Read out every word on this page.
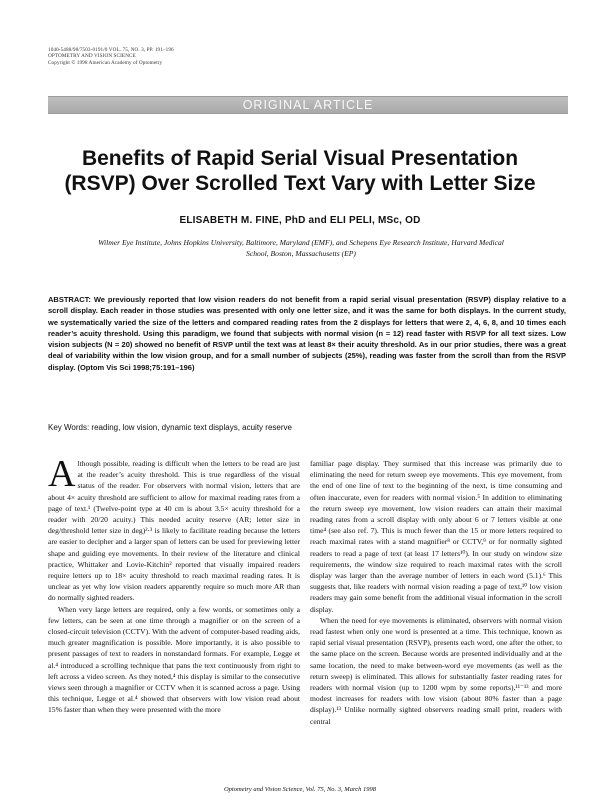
1040-5488/98/7503-0191/0 VOL. 75, NO. 3, PP. 191–196
OPTOMETRY AND VISION SCIENCE
Copyright © 1998 American Academy of Optometry
ORIGINAL ARTICLE
Benefits of Rapid Serial Visual Presentation
(RSVP) Over Scrolled Text Vary with Letter Size
ELISABETH M. FINE, PhD and ELI PELI, MSc, OD
Wilmer Eye Institute, Johns Hopkins University, Baltimore, Maryland (EMF), and Schepens Eye Research Institute, Harvard Medical
School, Boston, Massachusetts (EP)
ABSTRACT: We previously reported that low vision readers do not benefit from a rapid serial visual presentation (RSVP) display relative to a scroll display. Each reader in those studies was presented with only one letter size, and it was the same for both displays. In the current study, we systematically varied the size of the letters and compared reading rates from the 2 displays for letters that were 2, 4, 6, 8, and 10 times each reader’s acuity threshold. Using this paradigm, we found that subjects with normal vision (n = 12) read faster with RSVP for all text sizes. Low vision subjects (N = 20) showed no benefit of RSVP until the text was at least 8× their acuity threshold. As in our prior studies, there was a great deal of variability within the low vision group, and for a small number of subjects (25%), reading was faster from the scroll than from the RSVP display. (Optom Vis Sci 1998;75:191–196)
Key Words: reading, low vision, dynamic text displays, acuity reserve

Although possible, reading is difficult when the letters to be read are just at the reader’s acuity threshold. This is true regardless of the visual status of the reader. For observers with normal vision, letters that are about 4× acuity threshold are sufficient to allow for maximal reading rates from a page of text.¹ (Twelve-point type at 40 cm is about 3.5× acuity threshold for a reader with 20/20 acuity.) This needed acuity reserve (AR; letter size in deg/threshold letter size in deg)²·³ is likely to facilitate reading because the letters are easier to decipher and a larger span of letters can be used for previewing letter shape and guiding eye movements. In their review of the literature and clinical practice, Whittaker and Lovie-Kitchin² reported that visually impaired readers require letters up to 18× acuity threshold to reach maximal reading rates. It is unclear as yet why low vision readers apparently require so much more AR than do normally sighted readers.

When very large letters are required, only a few words, or sometimes only a few letters, can be seen at one time through a magnifier or on the screen of a closed-circuit television (CCTV). With the advent of computer-based reading aids, much greater magnification is possible. More importantly, it is also possible to present passages of text to readers in nonstandard formats. For example, Legge et al.⁴ introduced a scrolling technique that pans the text continuously from right to left across a video screen. As they noted,⁴ this display is similar to the consecutive views seen through a magnifier or CCTV when it is scanned across a page. Using this technique, Legge et al.⁴ showed that observers with low vision read about 15% faster than when they were presented with the more

familiar page display. They surmised that this increase was primarily due to eliminating the need for return sweep eye movements. This eye movement, from the end of one line of text to the beginning of the next, is time consuming and often inaccurate, even for readers with normal vision.⁵ In addition to eliminating the return sweep eye movement, low vision readers can attain their maximal reading rates from a scroll display with only about 6 or 7 letters visible at one time⁴ (see also ref. 7). This is much fewer than the 15 or more letters required to reach maximal rates with a stand magnifier⁸ or CCTV,⁹ or for normally sighted readers to read a page of text (at least 17 letters¹⁰). In our study on window size requirements, the window size required to reach maximal rates with the scroll display was larger than the average number of letters in each word (5.1).⁶ This suggests that, like readers with normal vision reading a page of text,¹⁰ low vision readers may gain some benefit from the additional visual information in the scroll display.

When the need for eye movements is eliminated, observers with normal vision read fastest when only one word is presented at a time. This technique, known as rapid serial visual presentation (RSVP), presents each word, one after the other, to the same place on the screen. Because words are presented individually and at the same location, the need to make between-word eye movements (as well as the return sweep) is eliminated. This allows for substantially faster reading rates for readers with normal vision (up to 1200 wpm by some reports),¹¹⁻¹³ and more modest increases for readers with low vision (about 80% faster than a page display).¹³ Unlike normally sighted observers reading small print, readers with central

Optometry and Vision Science, Vol. 75, No. 3, March 1998
